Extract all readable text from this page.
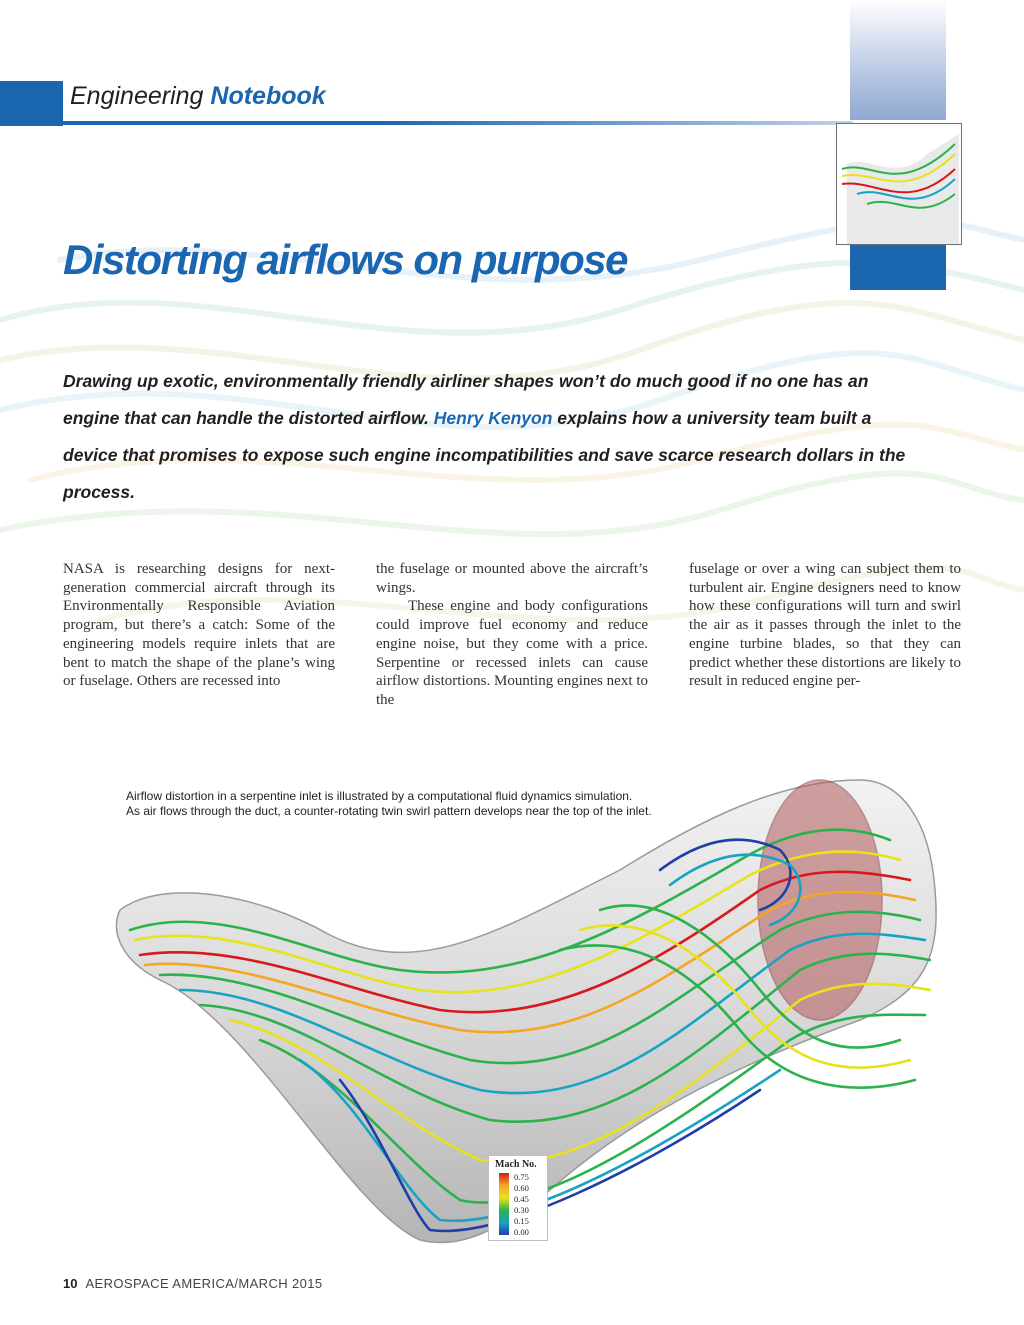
Engineering Notebook
Distorting airflows on purpose
Drawing up exotic, environmentally friendly airliner shapes won’t do much good if no one has an engine that can handle the distorted airflow. Henry Kenyon explains how a university team built a device that promises to expose such engine incompatibilities and save scarce research dollars in the process.

NASA is researching designs for next-generation commercial aircraft through its Environmentally Responsible Aviation program, but there’s a catch: Some of the engineering models require inlets that are bent to match the shape of the plane’s wing or fuselage. Others are recessed into

the fuselage or mounted above the aircraft’s wings.

These engine and body configurations could improve fuel economy and reduce engine noise, but they come with a price. Serpentine or recessed inlets can cause airflow distortions. Mounting engines next to the

fuselage or over a wing can subject them to turbulent air. Engine designers need to know how these configurations will turn and swirl the air as it passes through the inlet to the engine turbine blades, so that they can predict whether these distortions are likely to result in reduced engine per-

Airflow distortion in a serpentine inlet is illustrated by a computational fluid dynamics simulation.
As air flows through the duct, a counter-rotating twin swirl pattern develops near the top of the inlet.
Mach No.
0.75
0.60
0.45
0.30
0.15
0.00
10 AEROSPACE AMERICA/MARCH 2015
